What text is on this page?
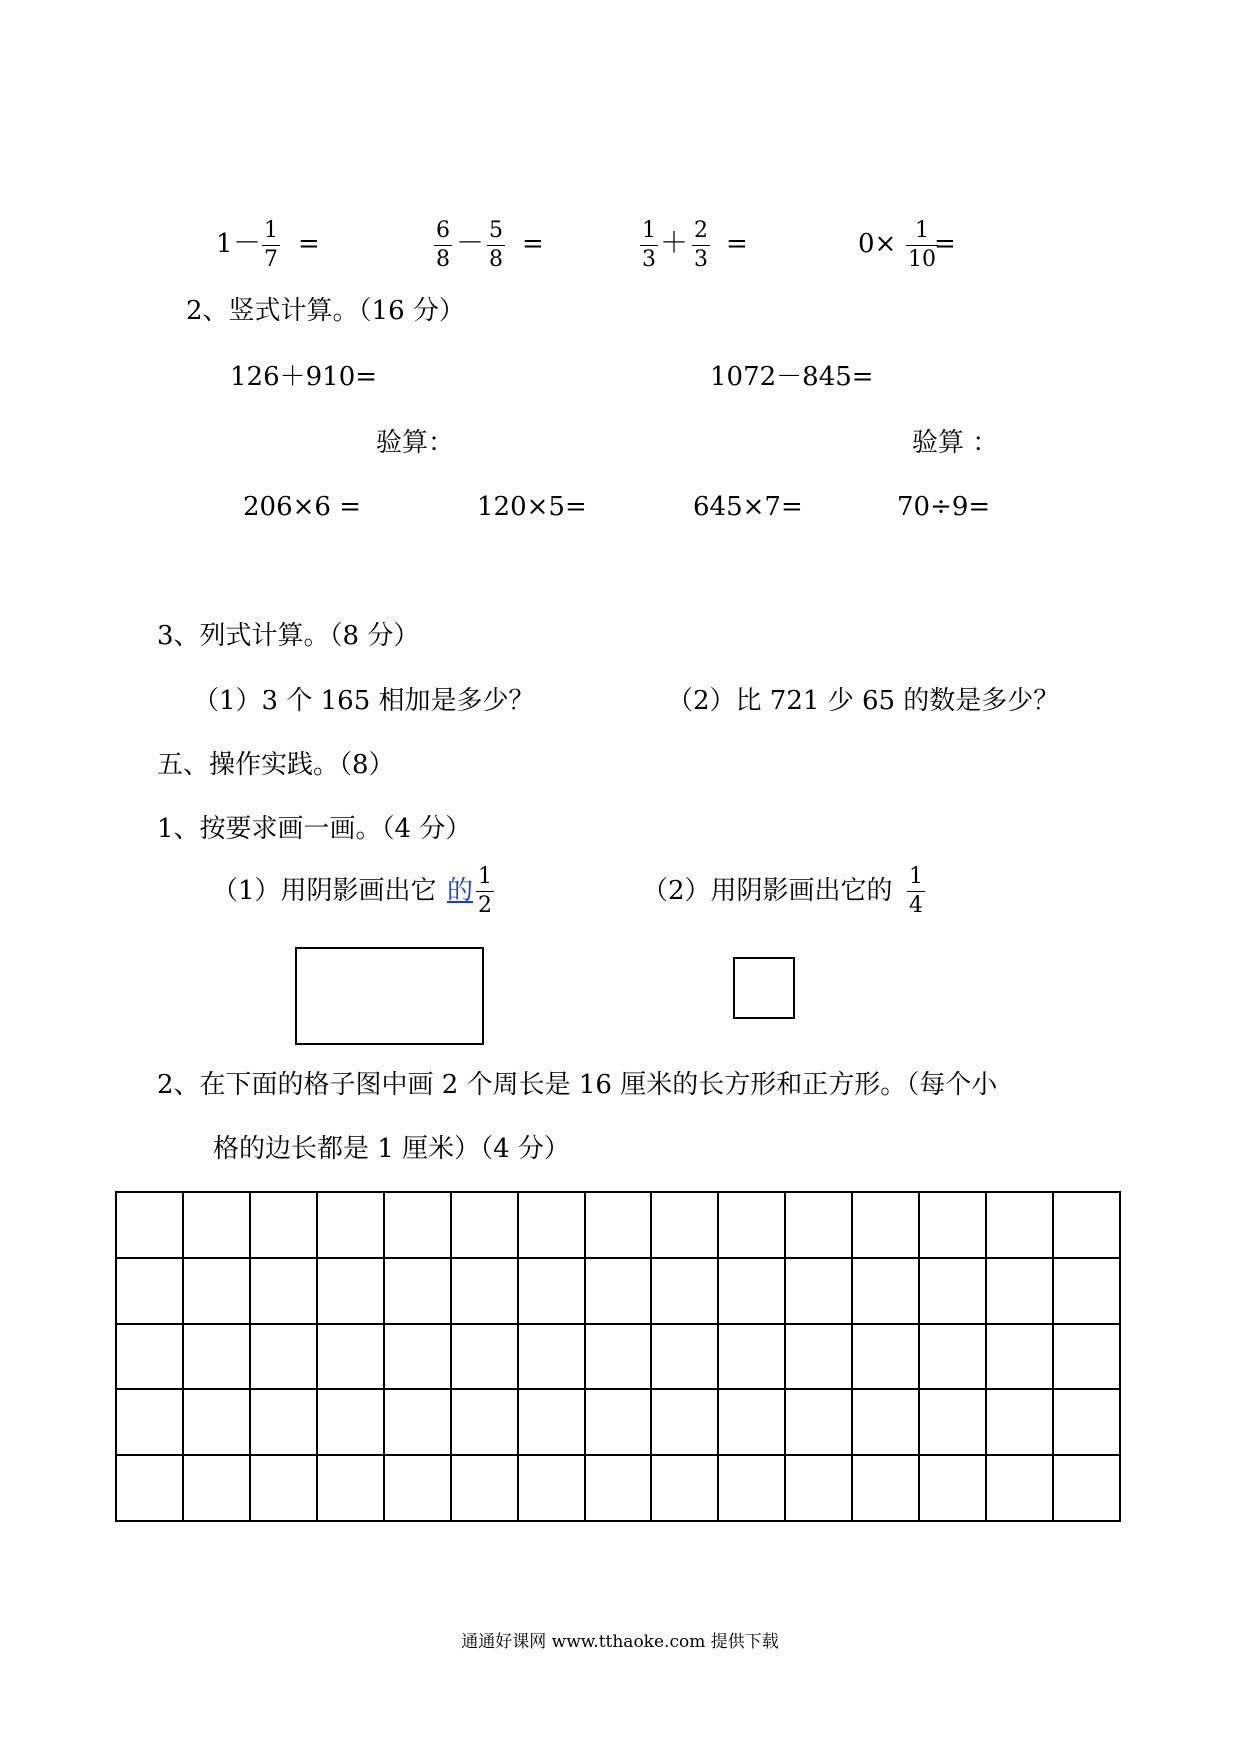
$1 - \frac{1}{7}$ =	$\frac{6}{8} - \frac{5}{8}$ =	$\frac{1}{3} + \frac{2}{3}$ =	$0\times \frac{1}{10}$
=
2、竖式计算。（16 分）
126＋910=	1072－845=
验算：	验算 ：
206×6 =	120×5=	645×7=	70÷9=
3、列式计算。（8 分）
（1）3 个 165 相加是多少？	（2）比 721 少 65 的数是多少？
五、操作实践。（8）
1、按要求画一画。（4 分）
（1）用阴影画出它 的 $\frac{1}{2}$	（2）用阴影画出它的 $\frac{1}{4}$
2、在下面的格子图中画 2 个周长是 16 厘米的长方形和正方形。（每个小
格的边长都是 1 厘米）（4 分）
通通好课网 www.tthaoke.com 提供下载
